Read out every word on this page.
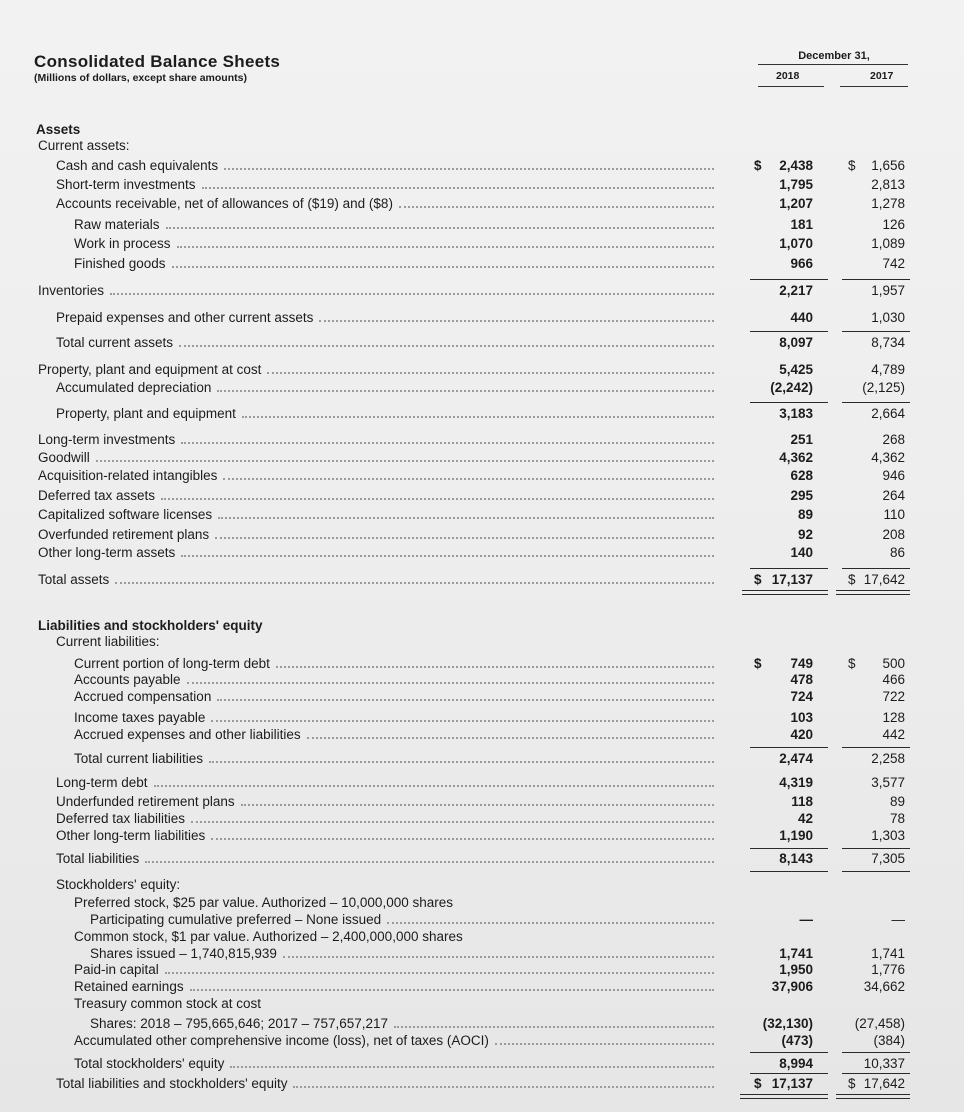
Consolidated Balance Sheets
(Millions of dollars, except share amounts)
December 31,
2018	2017
Assets
Current assets:
Cash and cash equivalents	$	2,438	$	1,656
Short-term investments	1,795	2,813
Accounts receivable, net of allowances of ($19) and ($8)	1,207	1,278
Raw materials	181	126
Work in process	1,070	1,089
Finished goods	966	742
Inventories	2,217	1,957
Prepaid expenses and other current assets	440	1,030
Total current assets	8,097	8,734
Property, plant and equipment at cost	5,425	4,789
Accumulated depreciation	(2,242)	(2,125)
Property, plant and equipment	3,183	2,664
Long-term investments	251	268
Goodwill	4,362	4,362
Acquisition-related intangibles	628	946
Deferred tax assets	295	264
Capitalized software licenses	89	110
Overfunded retirement plans	92	208
Other long-term assets	140	86
Total assets	$ 17,137	$ 17,642
Liabilities and stockholders' equity
Current liabilities:
Current portion of long-term debt	$	749	$	500
Accounts payable	478	466
Accrued compensation	724	722
Income taxes payable	103	128
Accrued expenses and other liabilities	420	442
Total current liabilities	2,474	2,258
Long-term debt	4,319	3,577
Underfunded retirement plans	118	89
Deferred tax liabilities	42	78
Other long-term liabilities	1,190	1,303
Total liabilities	8,143	7,305
Stockholders' equity:
Preferred stock, $25 par value. Authorized – 10,000,000 shares
Participating cumulative preferred – None issued	—	—
Common stock, $1 par value. Authorized – 2,400,000,000 shares
Shares issued – 1,740,815,939	1,741	1,741
Paid-in capital	1,950	1,776
Retained earnings	37,906	34,662
Treasury common stock at cost
Shares: 2018 – 795,665,646; 2017 – 757,657,217	(32,130)	(27,458)
Accumulated other comprehensive income (loss), net of taxes (AOCI)	(473)	(384)
Total stockholders' equity	8,994	10,337
Total liabilities and stockholders' equity	$ 17,137	$ 17,642
